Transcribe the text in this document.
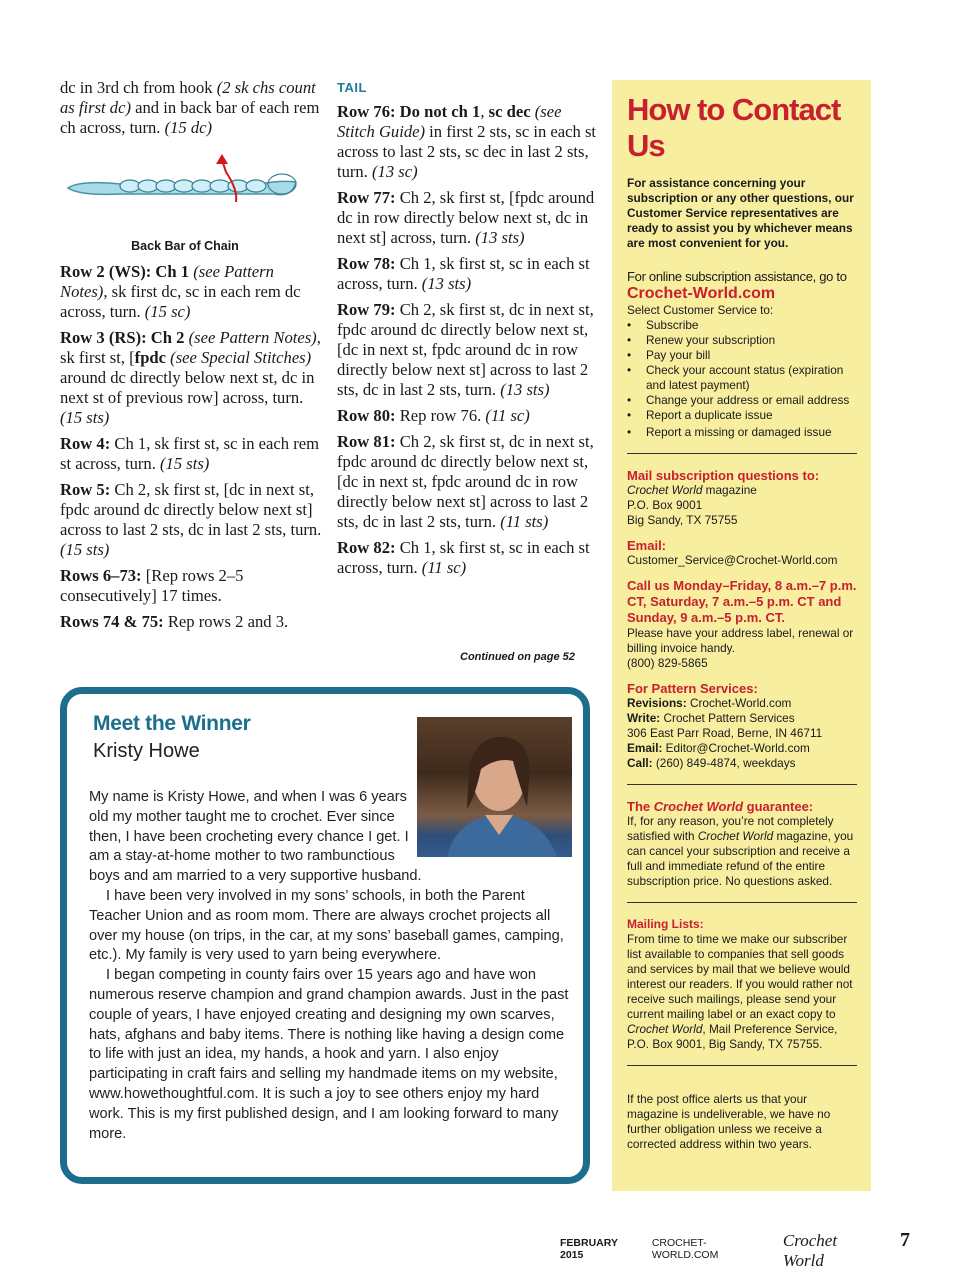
dc in 3rd ch from hook (2 sk chs count as first dc) and in back bar of each rem ch across, turn. (15 dc)
Back Bar of Chain
Row 2 (WS): Ch 1 (see Pattern Notes), sk first dc, sc in each rem dc across, turn. (15 sc)
Row 3 (RS): Ch 2 (see Pattern Notes), sk first st, [fpdc (see Special Stitches) around dc directly below next st, dc in next st of previous row] across, turn. (15 sts)
Row 4: Ch 1, sk first st, sc in each rem st across, turn. (15 sts)
Row 5: Ch 2, sk first st, [dc in next st, fpdc around dc directly below next st] across to last 2 sts, dc in last 2 sts, turn. (15 sts)
Rows 6–73: [Rep rows 2–5 consecutively] 17 times.
Rows 74 & 75: Rep rows 2 and 3.
TAIL
Row 76: Do not ch 1, sc dec (see Stitch Guide) in first 2 sts, sc in each st across to last 2 sts, sc dec in last 2 sts, turn. (13 sc)
Row 77: Ch 2, sk first st, [fpdc around dc in row directly below next st, dc in next st] across, turn. (13 sts)
Row 78: Ch 1, sk first st, sc in each st across, turn. (13 sts)
Row 79: Ch 2, sk first st, dc in next st, fpdc around dc directly below next st, [dc in next st, fpdc around dc in row directly below next st] across to last 2 sts, dc in last 2 sts, turn. (13 sts)
Row 80: Rep row 76. (11 sc)
Row 81: Ch 2, sk first st, dc in next st, fpdc around dc directly below next st, [dc in next st, fpdc around dc in row directly below next st] across to last 2 sts, dc in last 2 sts, turn. (11 sts)
Row 82: Ch 1, sk first st, sc in each st across, turn. (11 sc)
Continued on page 52
Meet the Winner
Kristy Howe

My name is Kristy Howe, and when I was 6 years old my mother taught me to crochet. Ever since then, I have been crocheting every chance I get. I am a stay-at-home mother to two rambunctious boys and am married to a very supportive husband.

I have been very involved in my sons’ schools, in both the Parent Teacher Union and as room mom. There are always crochet projects all over my house (on trips, in the car, at my sons’ baseball games, camping, etc.). My family is very used to yarn being everywhere.

I began competing in county fairs over 15 years ago and have won numerous reserve champion and grand champion awards. Just in the past couple of years, I have enjoyed creating and designing my own scarves, hats, afghans and baby items. There is nothing like having a design come to life with just an idea, my hands, a hook and yarn. I also enjoy participating in craft fairs and selling my handmade items on my website, www.howethoughtful.com. It is such a joy to see others enjoy my hard work. This is my first published design, and I am looking forward to many more.

How to Contact Us

For assistance concerning your subscription or any other questions, our Customer Service representatives are ready to assist you by whichever means are most convenient for you.

For online subscription assistance, go to
Crochet-World.com
Select Customer Service to:
• Subscribe
• Renew your subscription
• Pay your bill
• Check your account status (expiration and latest payment)
• Change your address or email address
• Report a duplicate issue
• Report a missing or damaged issue
Mail subscription questions to:
Crochet World magazine
P.O. Box 9001
Big Sandy, TX 75755
Email:
Customer_Service@Crochet-World.com
Call us Monday–Friday, 8 a.m.–7 p.m. CT, Saturday, 7 a.m.–5 p.m. CT and Sunday, 9 a.m.–5 p.m. CT.
Please have your address label, renewal or billing invoice handy.
(800) 829-5865
For Pattern Services:
Revisions: Crochet-World.com
Write: Crochet Pattern Services
306 East Parr Road, Berne, IN 46711
Email: Editor@Crochet-World.com
Call: (260) 849-4874, weekdays
The Crochet World guarantee:
If, for any reason, you’re not completely satisfied with Crochet World magazine, you can cancel your subscription and receive a full and immediate refund of the entire subscription price. No questions asked.
Mailing Lists:
From time to time we make our subscriber list available to companies that sell goods and services by mail that we believe would interest our readers. If you would rather not receive such mailings, please send your current mailing label or an exact copy to Crochet World, Mail Preference Service, P.O. Box 9001, Big Sandy, TX 75755.
If the post office alerts us that your magazine is undeliverable, we have no further obligation unless we receive a corrected address within two years.
FEBRUARY 2015
CROCHET-WORLD.COM
Crochet World
7
